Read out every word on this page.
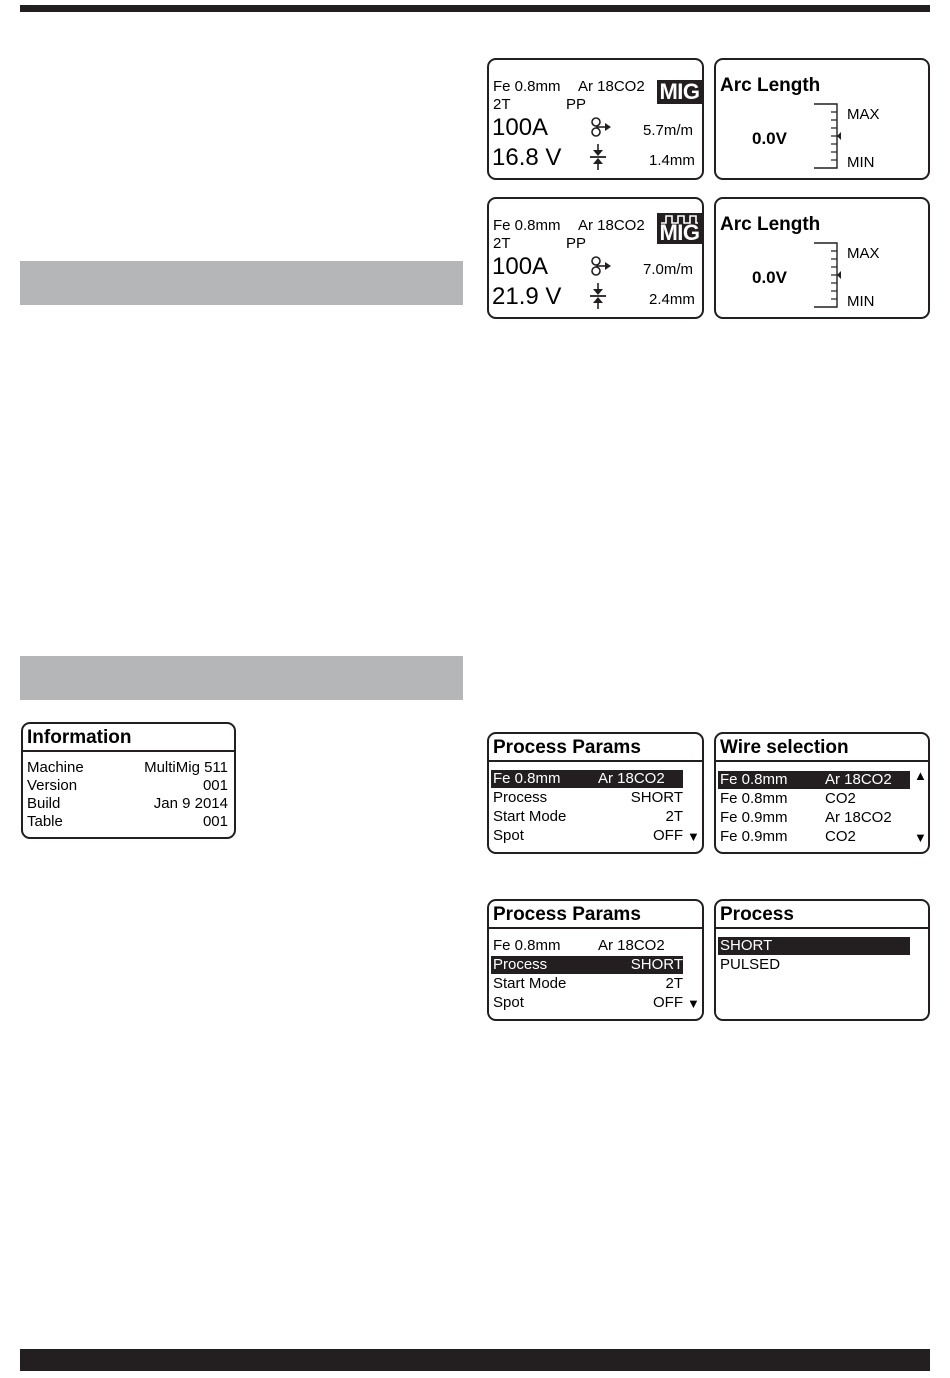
Fe 0.8mm Ar 18CO2 MIG
2T	PP
100A	5.7m/m
16.8 V	1.4mm
Arc Length
0.0V
MAX
MIN
Fe 0.8mm Ar 18CO2 MIG
2T	PP
100A	7.0m/m
21.9 V	2.4mm
Arc Length
0.0V
MAX
MIN
Information
Machine	MultiMig 511
Version	001
Build	Jan 9 2014
Table	001
Process Params
Fe 0.8mm Ar 18CO2
Process	SHORT
Start Mode	2T
Spot	OFF ▼
Wire selection
Fe 0.8mm Ar 18CO2
Fe 0.8mm CO2
Fe 0.9mm Ar 18CO2
Fe 0.9mm CO2
▲
▼
Process Params
Fe 0.8mm Ar 18CO2
Process	SHORT
Start Mode	2T
Spot	OFF ▼
Process
SHORT
PULSED
